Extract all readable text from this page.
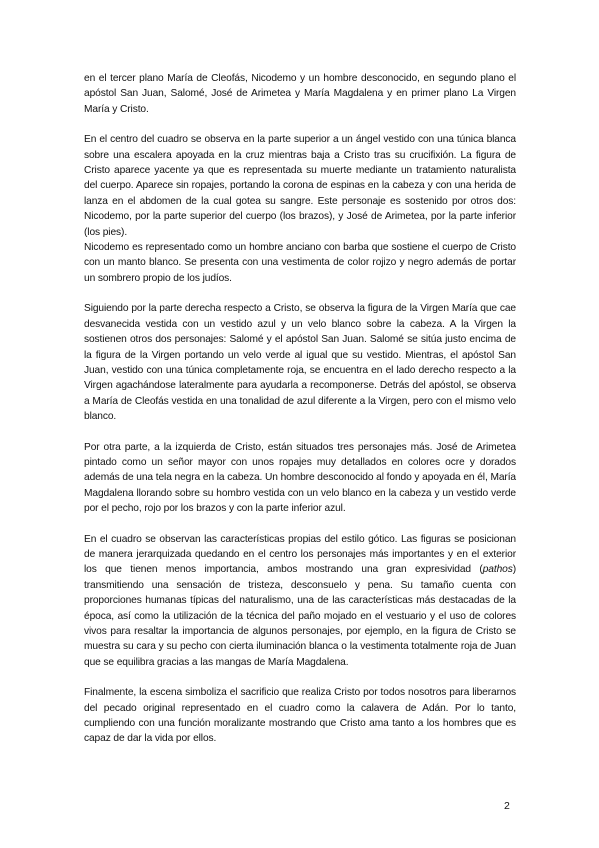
en el tercer plano María de Cleofás, Nicodemo y un hombre desconocido, en segundo plano el apóstol San Juan, Salomé, José de Arimetea y María Magdalena y en primer plano La Virgen María y Cristo.

En el centro del cuadro se observa en la parte superior a un ángel vestido con una túnica blanca sobre una escalera apoyada en la cruz mientras baja a Cristo tras su crucifixión. La figura de Cristo aparece yacente ya que es representada su muerte mediante un tratamiento naturalista del cuerpo. Aparece sin ropajes, portando la corona de espinas en la cabeza y con una herida de lanza en el abdomen de la cual gotea su sangre. Este personaje es sostenido por otros dos: Nicodemo, por la parte superior del cuerpo (los brazos), y José de Arimetea, por la parte inferior (los pies).

Nicodemo es representado como un hombre anciano con barba que sostiene el cuerpo de Cristo con un manto blanco. Se presenta con una vestimenta de color rojizo y negro además de portar un sombrero propio de los judíos.

Siguiendo por la parte derecha respecto a Cristo, se observa la figura de la Virgen María que cae desvanecida vestida con un vestido azul y un velo blanco sobre la cabeza. A la Virgen la sostienen otros dos personajes: Salomé y el apóstol San Juan. Salomé se sitúa justo encima de la figura de la Virgen portando un velo verde al igual que su vestido. Mientras, el apóstol San Juan, vestido con una túnica completamente roja, se encuentra en el lado derecho respecto a la Virgen agachándose lateralmente para ayudarla a recomponerse. Detrás del apóstol, se observa a María de Cleofás vestida en una tonalidad de azul diferente a la Virgen, pero con el mismo velo blanco.

Por otra parte, a la izquierda de Cristo, están situados tres personajes más. José de Arimetea pintado como un señor mayor con unos ropajes muy detallados en colores ocre y dorados además de una tela negra en la cabeza. Un hombre desconocido al fondo y apoyada en él, María Magdalena llorando sobre su hombro vestida con un velo blanco en la cabeza y un vestido verde por el pecho, rojo por los brazos y con la parte inferior azul.

En el cuadro se observan las características propias del estilo gótico. Las figuras se posicionan de manera jerarquizada quedando en el centro los personajes más importantes y en el exterior los que tienen menos importancia, ambos mostrando una gran expresividad (pathos) transmitiendo una sensación de tristeza, desconsuelo y pena. Su tamaño cuenta con proporciones humanas típicas del naturalismo, una de las características más destacadas de la época, así como la utilización de la técnica del paño mojado en el vestuario y el uso de colores vivos para resaltar la importancia de algunos personajes, por ejemplo, en la figura de Cristo se muestra su cara y su pecho con cierta iluminación blanca o la vestimenta totalmente roja de Juan que se equilibra gracias a las mangas de María Magdalena.

Finalmente, la escena simboliza el sacrificio que realiza Cristo por todos nosotros para liberarnos del pecado original representado en el cuadro como la calavera de Adán. Por lo tanto, cumpliendo con una función moralizante mostrando que Cristo ama tanto a los hombres que es capaz de dar la vida por ellos.

2
